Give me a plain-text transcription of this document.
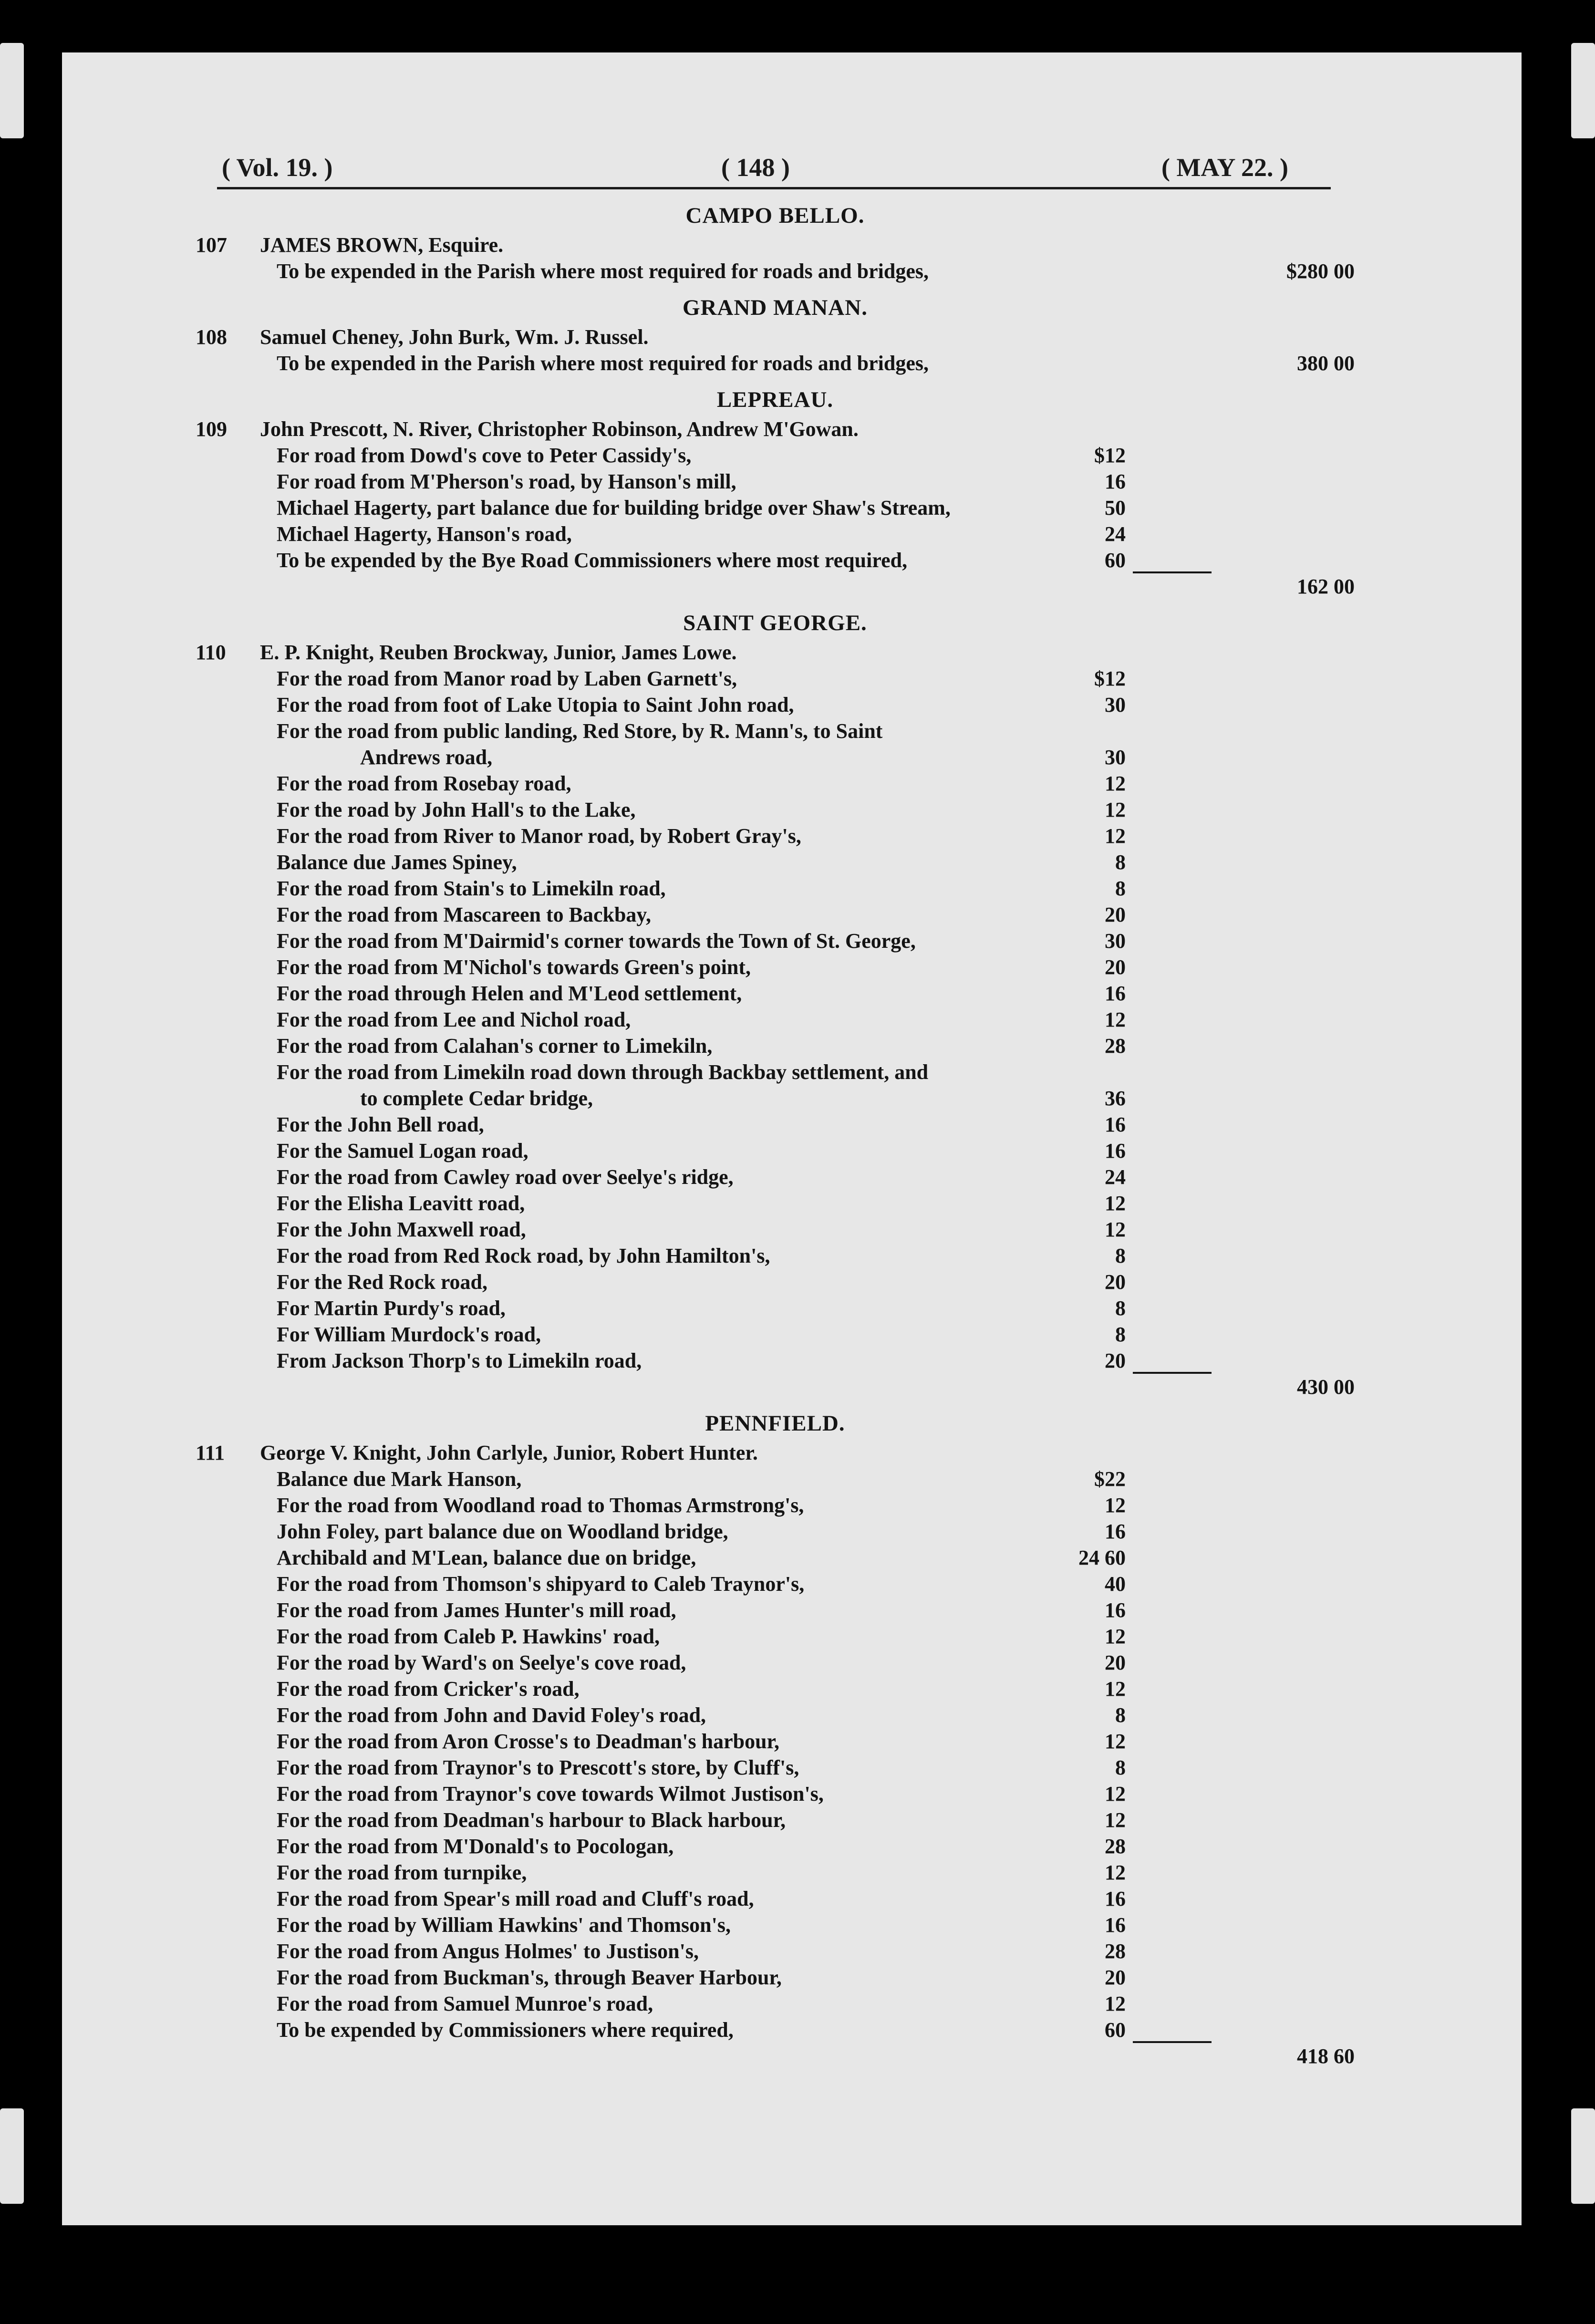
( Vol. 19. )	( 148 )	( MAY 22. )
CAMPO BELLO.
107 JAMES BROWN, Esquire.
To be expended in the Parish where most required for roads and bridges,	$280 00
GRAND MANAN.
108 Samuel Cheney, John Burk, Wm. J. Russel.
To be expended in the Parish where most required for roads and bridges,	380 00
LEPREAU.
109 John Prescott, N. River, Christopher Robinson, Andrew M'Gowan.
For road from Dowd's cove to Peter Cassidy's,	$12
For road from M'Pherson's road, by Hanson's mill,	16
Michael Hagerty, part balance due for building bridge over Shaw's Stream,	50
Michael Hagerty, Hanson's road,	24
To be expended by the Bye Road Commissioners where most required,	60
162 00
SAINT GEORGE.
110 E. P. Knight, Reuben Brockway, Junior, James Lowe.
For the road from Manor road by Laben Garnett's,	$12
For the road from foot of Lake Utopia to Saint John road,	30
For the road from public landing, Red Store, by R. Mann's, to Saint
Andrews road,	30
For the road from Rosebay road,	12
For the road by John Hall's to the Lake,	12
For the road from River to Manor road, by Robert Gray's,	12
Balance due James Spiney,	8
For the road from Stain's to Limekiln road,	8
For the road from Mascareen to Backbay,	20
For the road from M'Dairmid's corner towards the Town of St. George,	30
For the road from M'Nichol's towards Green's point,	20
For the road through Helen and M'Leod settlement,	16
For the road from Lee and Nichol road,	12
For the road from Calahan's corner to Limekiln,	28
For the road from Limekiln road down through Backbay settlement, and
to complete Cedar bridge,	36
For the John Bell road,	16
For the Samuel Logan road,	16
For the road from Cawley road over Seelye's ridge,	24
For the Elisha Leavitt road,	12
For the John Maxwell road,	12
For the road from Red Rock road, by John Hamilton's,	8
For the Red Rock road,	20
For Martin Purdy's road,	8
For William Murdock's road,	8
From Jackson Thorp's to Limekiln road,	20
430 00
PENNFIELD.
111 George V. Knight, John Carlyle, Junior, Robert Hunter.
Balance due Mark Hanson,	$22
For the road from Woodland road to Thomas Armstrong's,	12
John Foley, part balance due on Woodland bridge,	16
Archibald and M'Lean, balance due on bridge,	24 60
For the road from Thomson's shipyard to Caleb Traynor's,	40
For the road from James Hunter's mill road,	16
For the road from Caleb P. Hawkins' road,	12
For the road by Ward's on Seelye's cove road,	20
For the road from Cricker's road,	12
For the road from John and David Foley's road,	8
For the road from Aron Crosse's to Deadman's harbour,	12
For the road from Traynor's to Prescott's store, by Cluff's,	8
For the road from Traynor's cove towards Wilmot Justison's,	12
For the road from Deadman's harbour to Black harbour,	12
For the road from M'Donald's to Pocologan,	28
For the road from turnpike,	12
For the road from Spear's mill road and Cluff's road,	16
For the road by William Hawkins' and Thomson's,	16
For the road from Angus Holmes' to Justison's,	28
For the road from Buckman's, through Beaver Harbour,	20
For the road from Samuel Munroe's road,	12
To be expended by Commissioners where required,	60
418 60
